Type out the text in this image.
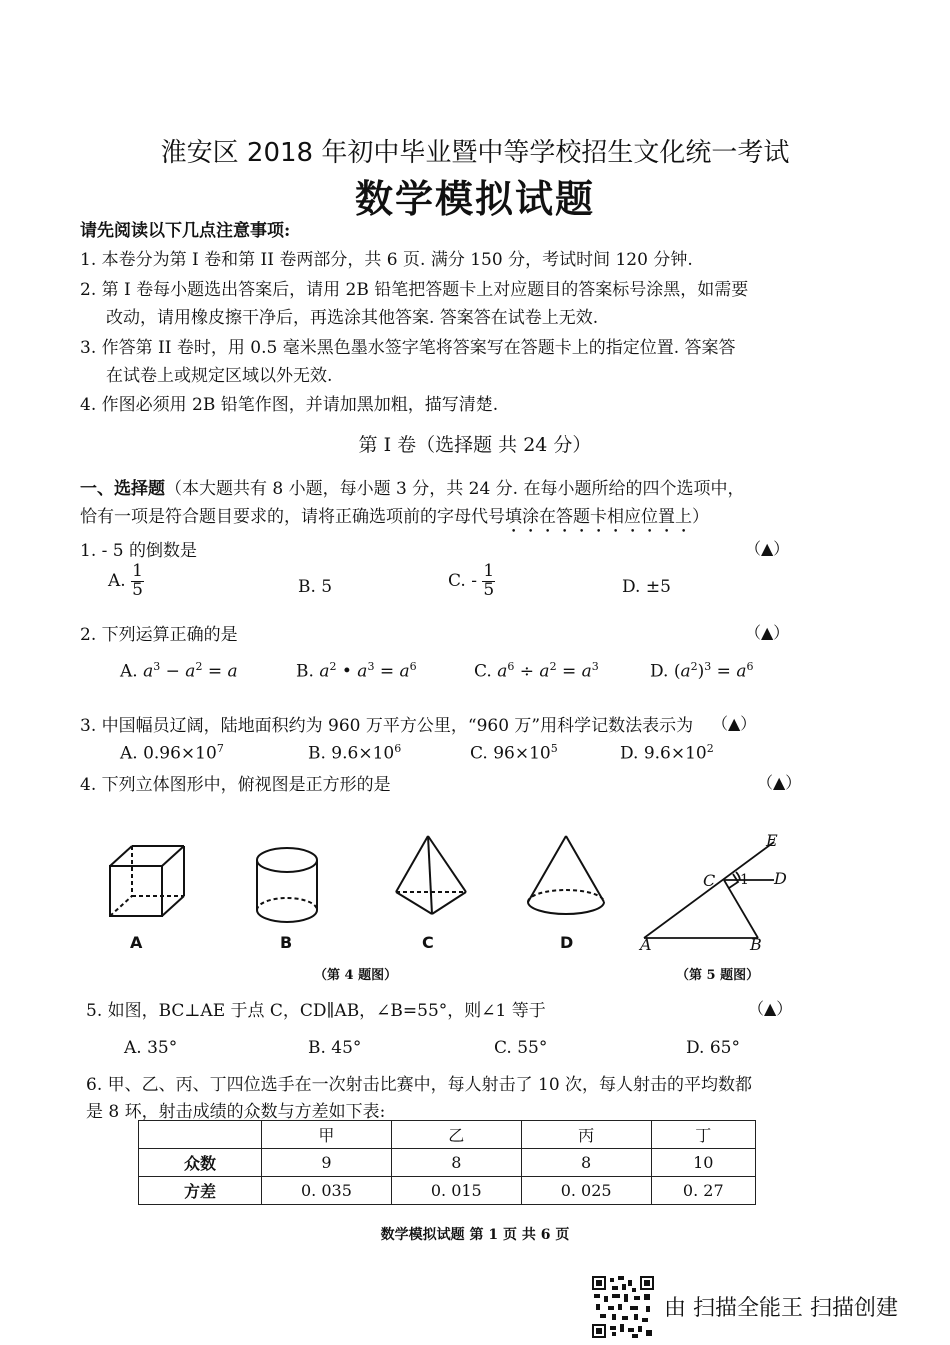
淮安区 2018 年初中毕业暨中等学校招生文化统一考试
数学模拟试题
请先阅读以下几点注意事项:
1. 本卷分为第 I 卷和第 II 卷两部分，共 6 页. 满分 150 分，考试时间 120 分钟.
2. 第 I 卷每小题选出答案后，请用 2B 铅笔把答题卡上对应题目的答案标号涂黑，如需要
改动，请用橡皮擦干净后，再选涂其他答案. 答案答在试卷上无效.
3. 作答第 II 卷时，用 0.5 毫米黑色墨水签字笔将答案写在答题卡上的指定位置. 答案答
在试卷上或规定区域以外无效.
4. 作图必须用 2B 铅笔作图，并请加黑加粗，描写清楚.
第 I 卷（选择题 共 24 分）
一、选择题（本大题共有 8 小题，每小题 3 分，共 24 分. 在每小题所给的四个选项中，
恰有一项是符合题目要求的，请将正确选项前的字母代号填涂在答题卡相应位置上）
1. - 5 的倒数是	（▲）
A. $\frac{1}{5}$	B. 5	C. - $\frac{1}{5}$	D. ±5
2. 下列运算正确的是	（▲）
A. $a^3 - a^2 = a$	B. $a^2$ • $a^3 = a^6$	C. $a^6 \div a^2 = a^3$	D. $(a^2)^3 = a^6$
3. 中国幅员辽阔，陆地面积约为 960 万平方公里，“960 万”用科学记数法表示为 （▲）
A. $0.96\times 10^7$	B. $9.6\times 10^6$	C. $96\times 10^5$	D. $9.6\times 10^2$
4. 下列立体图形中，俯视图是正方形的是	（▲）
A	B	C	D
E
C 1 D
A	B
（第 4 题图）	（第 5 题图）
5. 如图，BC⊥AE 于点 C，CD∥AB，∠B=55°，则∠1 等于	（▲）
A. 35°	B. 45°	C. 55°	D. 65°
6. 甲、乙、丙、丁四位选手在一次射击比赛中，每人射击了 10 次，每人射击的平均数都
是 8 环，射击成绩的众数与方差如下表:
	甲	乙	丙	丁
众数	9	8	8	10
方差	0. 035	0. 015	0. 025	0. 27
数学模拟试题 第 1 页 共 6 页
由 扫描全能王 扫描创建
